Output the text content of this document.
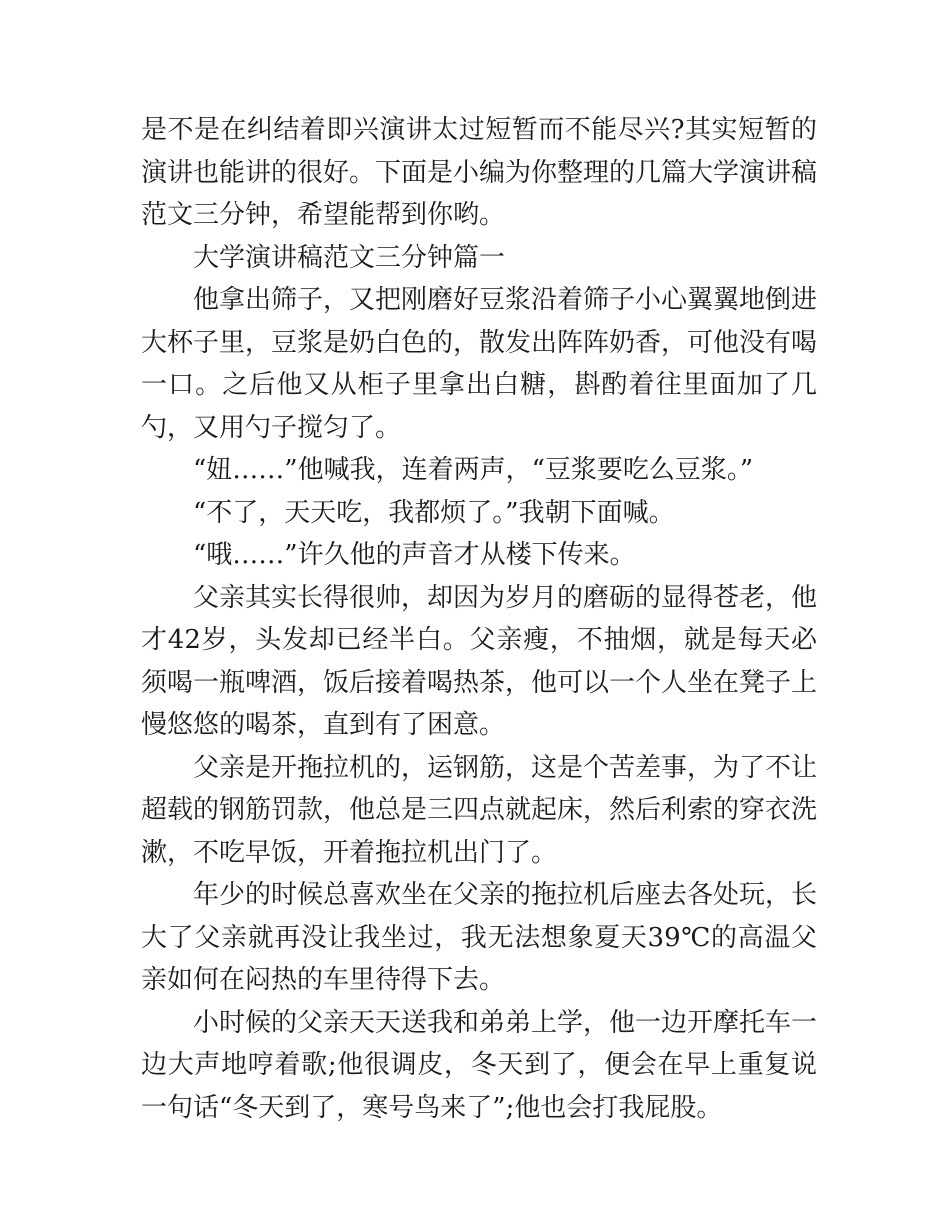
是不是在纠结着即兴演讲太过短暂而不能尽兴?其实短暂的演讲也能讲的很好。下面是小编为你整理的几篇大学演讲稿范文三分钟，希望能帮到你哟。

大学演讲稿范文三分钟篇一

他拿出筛子，又把刚磨好豆浆沿着筛子小心翼翼地倒进大杯子里，豆浆是奶白色的，散发出阵阵奶香，可他没有喝一口。之后他又从柜子里拿出白糖，斟酌着往里面加了几勺，又用勺子搅匀了。

“妞……”他喊我，连着两声，“豆浆要吃么豆浆。”

“不了，天天吃，我都烦了。”我朝下面喊。

“哦……”许久他的声音才从楼下传来。

父亲其实长得很帅，却因为岁月的磨砺的显得苍老，他才42岁，头发却已经半白。父亲瘦，不抽烟，就是每天必须喝一瓶啤酒，饭后接着喝热茶，他可以一个人坐在凳子上慢悠悠的喝茶，直到有了困意。

父亲是开拖拉机的，运钢筋，这是个苦差事，为了不让超载的钢筋罚款，他总是三四点就起床，然后利索的穿衣洗漱，不吃早饭，开着拖拉机出门了。

年少的时候总喜欢坐在父亲的拖拉机后座去各处玩，长大了父亲就再没让我坐过，我无法想象夏天39℃的高温父亲如何在闷热的车里待得下去。

小时候的父亲天天送我和弟弟上学，他一边开摩托车一边大声地哼着歌;他很调皮，冬天到了，便会在早上重复说一句话“冬天到了，寒号鸟来了”;他也会打我屁股。
